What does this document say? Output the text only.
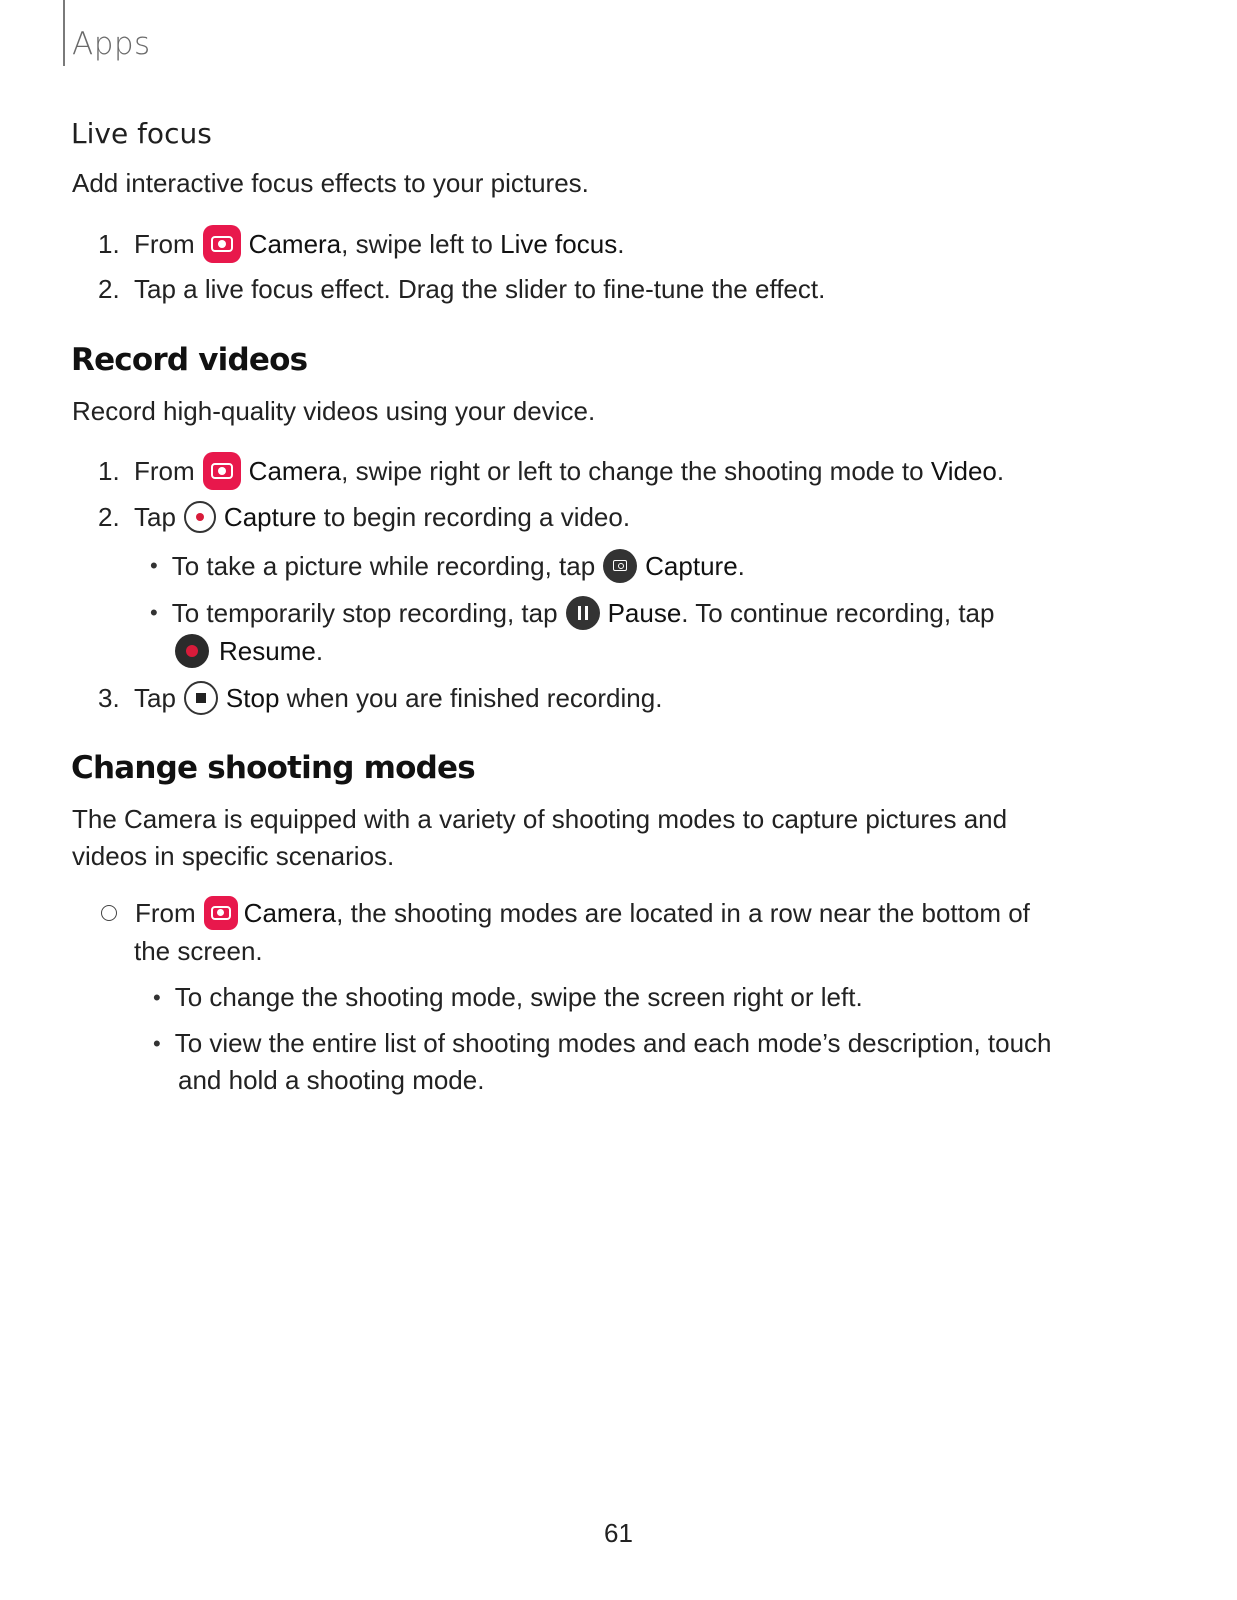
Apps
Live focus
Add interactive focus effects to your pictures.
1. From Camera , swipe left to Live focus .
2. Tap a live focus effect. Drag the slider to fine-tune the effect.
Record videos
Record high-quality videos using your device.
1. From Camera , swipe right or left to change the shooting mode to Video .
2. Tap Capture to begin recording a video.
• To take a picture while recording, tap Capture .
• To temporarily stop recording, tap Pause . To continue recording, tap
Resume .
3. Tap Stop when you are finished recording.
Change shooting modes
The Camera is equipped with a variety of shooting modes to capture pictures and
videos in specific scenarios.
From Camera , the shooting modes are located in a row near the bottom of
the screen.
• To change the shooting mode, swipe the screen right or left.
• To view the entire list of shooting modes and each mode’s description, touch
and hold a shooting mode.
61
